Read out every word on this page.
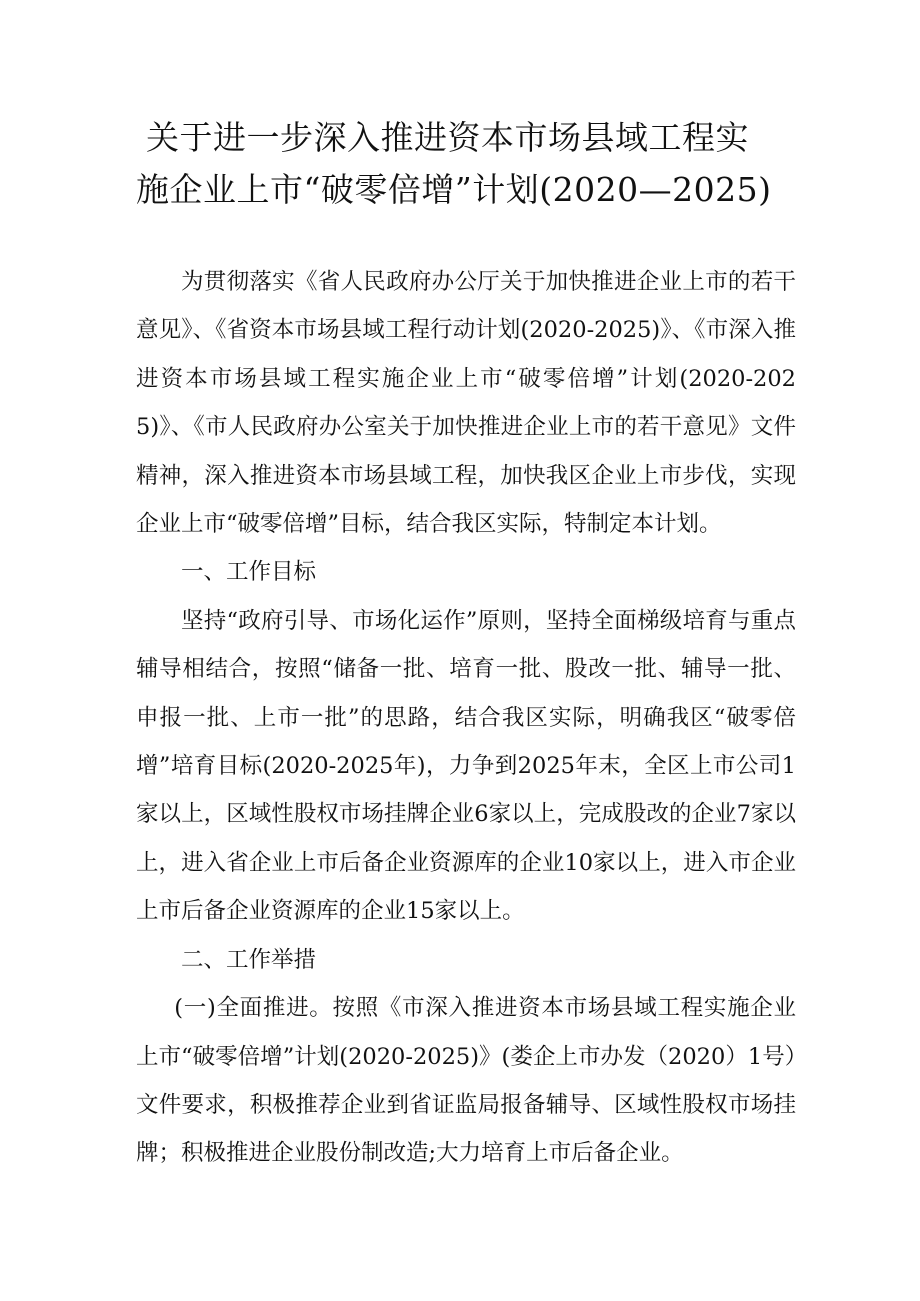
关于进一步深入推进资本市场县域工程实
施企业上市“破零倍增”计划(2020—2025)

为贯彻落实《省人民政府办公厅关于加快推进企业上市的若干意见》、《省资本市场县域工程行动计划(2020-2025)》、《市深入推进资本市场县域工程实施企业上市“破零倍增”计划(2020-2025)》、《市人民政府办公室关于加快推进企业上市的若干意见》文件精神，深入推进资本市场县域工程，加快我区企业上市步伐，实现企业上市“破零倍增”目标，结合我区实际，特制定本计划。

一、工作目标

坚持“政府引导、市场化运作”原则，坚持全面梯级培育与重点辅导相结合，按照“储备一批、培育一批、股改一批、辅导一批、申报一批、上市一批”的思路，结合我区实际，明确我区“破零倍增”培育目标(2020-2025年)，力争到2025年末，全区上市公司1家以上，区域性股权市场挂牌企业6家以上，完成股改的企业7家以上，进入省企业上市后备企业资源库的企业10家以上，进入市企业上市后备企业资源库的企业15家以上。

二、工作举措

(一)全面推进。按照《市深入推进资本市场县域工程实施企业上市“破零倍增”计划(2020-2025)》(娄企上市办发（2020）1号）文件要求，积极推荐企业到省证监局报备辅导、区域性股权市场挂牌；积极推进企业股份制改造;大力培育上市后备企业。
